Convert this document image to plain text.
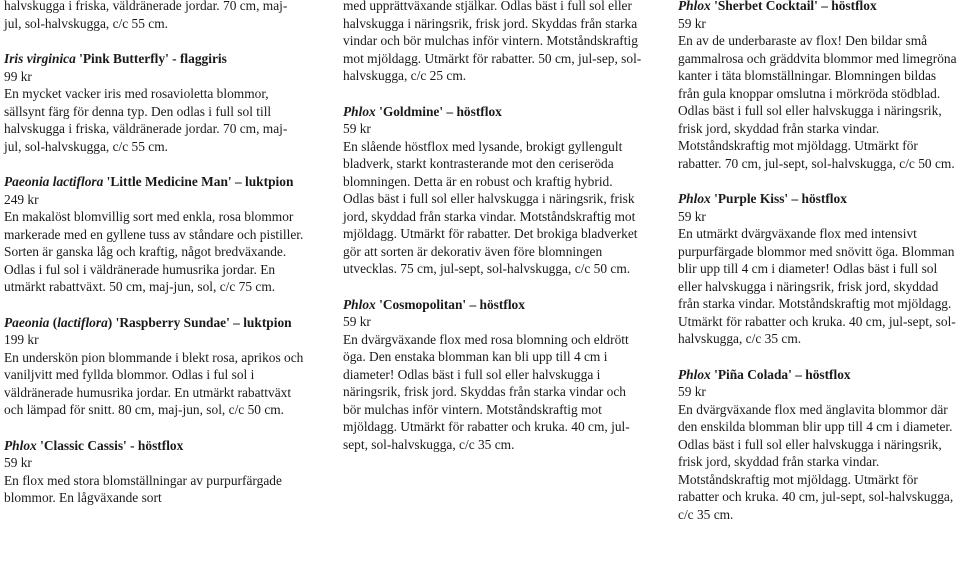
halvskugga i friska, väldränerade jordar. 70 cm, maj-jul, sol-halvskugga, c/c 55 cm.

Iris virginica 'Pink Butterfly' - flaggiris

99 kr

En mycket vacker iris med rosavioletta blommor, sällsynt färg för denna typ. Den odlas i full sol till halvskugga i friska, väldränerade jordar. 70 cm, maj-jul, sol-halvskugga, c/c 55 cm.

Paeonia lactiflora 'Little Medicine Man' – luktpion

249 kr

En makalöst blomvillig sort med enkla, rosa blommor markerade med en gyllene tuss av ståndare och pistiller. Sorten är ganska låg och kraftig, något bredväxande. Odlas i ful sol i väldränerade humusrika jordar. En utmärkt rabattväxt. 50 cm, maj-jun, sol, c/c 75 cm.

Paeonia (lactiflora) 'Raspberry Sundae' – luktpion

199 kr

En underskön pion blommande i blekt rosa, aprikos och vaniljvitt med fyllda blommor. Odlas i ful sol i väldränerade humusrika jordar. En utmärkt rabattväxt och lämpad för snitt. 80 cm, maj-jun, sol, c/c 50 cm.

Phlox 'Classic Cassis' - höstflox

59 kr

En flox med stora blomställningar av purpurfärgade blommor. En lågväxande sort

med upprättväxande stjälkar. Odlas bäst i full sol eller halvskugga i näringsrik, frisk jord. Skyddas från starka vindar och bör mulchas inför vintern. Motståndskraftig mot mjöldagg. Utmärkt för rabatter. 50 cm, jul-sep, sol-halvskugga, c/c 25 cm.

Phlox 'Goldmine' – höstflox

59 kr

En slående höstflox med lysande, brokigt gyllengult bladverk, starkt kontrasterande mot den ceriseröda blomningen. Detta är en robust och kraftig hybrid. Odlas bäst i full sol eller halvskugga i näringsrik, frisk jord, skyddad från starka vindar. Motståndskraftig mot mjöldagg. Utmärkt för rabatter. Det brokiga bladverket gör att sorten är dekorativ även före blomningen utvecklas. 75 cm, jul-sept, sol-halvskugga, c/c 50 cm.

Phlox 'Cosmopolitan' – höstflox

59 kr

En dvärgväxande flox med rosa blomning och eldrött öga. Den enstaka blomman kan bli upp till 4 cm i diameter! Odlas bäst i full sol eller halvskugga i näringsrik, frisk jord. Skyddas från starka vindar och bör mulchas inför vintern. Motståndskraftig mot mjöldagg. Utmärkt för rabatter och kruka. 40 cm, jul-sept, sol-halvskugga, c/c 35 cm.

Phlox 'Sherbet Cocktail' – höstflox

59 kr

En av de underbaraste av flox! Den bildar små gammalrosa och gräddvita blommor med limegröna kanter i täta blomställningar. Blomningen bildas från gula knoppar omslutna i mörkröda stödblad. Odlas bäst i full sol eller halvskugga i näringsrik, frisk jord, skyddad från starka vindar. Motståndskraftig mot mjöldagg. Utmärkt för rabatter. 70 cm, jul-sept, sol-halvskugga, c/c 50 cm.

Phlox 'Purple Kiss' – höstflox

59 kr

En utmärkt dvärgväxande flox med intensivt purpurfärgade blommor med snövitt öga. Blomman blir upp till 4 cm i diameter! Odlas bäst i full sol eller halvskugga i näringsrik, frisk jord, skyddad från starka vindar. Motståndskraftig mot mjöldagg. Utmärkt för rabatter och kruka. 40 cm, jul-sept, sol-halvskugga, c/c 35 cm.

Phlox 'Piña Colada' – höstflox

59 kr

En dvärgväxande flox med änglavita blommor där den enskilda blomman blir upp till 4 cm i diameter. Odlas bäst i full sol eller halvskugga i näringsrik, frisk jord, skyddad från starka vindar. Motståndskraftig mot mjöldagg. Utmärkt för rabatter och kruka. 40 cm, jul-sept, sol-halvskugga, c/c 35 cm.
